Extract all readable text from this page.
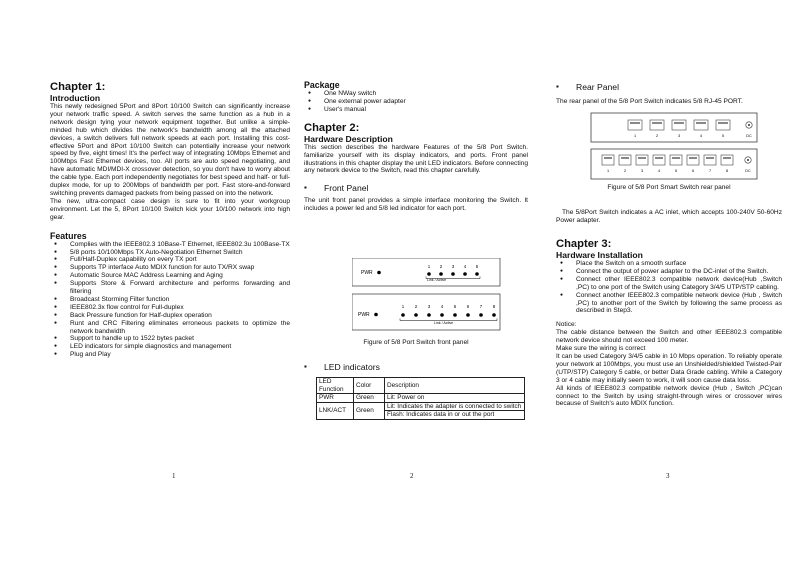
Chapter 1:
Introduction

This newly redesigned 5Port and 8Port 10/100 Switch can significantly increase your network traffic speed. A switch serves the same function as a hub in a network design tying your network equipment together. But unlike a simple-minded hub which divides the network's bandwidth among all the attached devices, a switch delivers full network speeds at each port. Installing this cost-effective 5Port and 8Port 10/100 Switch can potentially increase your network speed by five, eight times! It's the perfect way of integrating 10Mbps Ethernet and 100Mbps Fast Ethernet devices, too. All ports are auto speed negotiating, and have automatic MDI/MDI-X crossover detection, so you don't have to worry about the cable type. Each port independently negotiates for best speed and half- or full-duplex mode, for up to 200Mbps of bandwidth per port. Fast store-and-forward switching prevents damaged packets from being passed on into the network.

The new, ultra-compact case design is sure to fit into your workgroup environment. Let the 5, 8Port 10/100 Switch kick your 10/100 network into high gear.

Features
● Complies with the IEEE802.3 10Base-T Ethernet, IEEE802.3u 100Base-TX
● 5/8 ports 10/100Mbps TX Auto-Negotiation Ethernet Switch
● Full/Half-Duplex capability on every TX port
● Supports TP interface Auto MDIX function for auto TX/RX swap
● Automatic Source MAC Address Learning and Aging
● Supports Store & Forward architecture and performs forwarding and filtering
● Broadcast Storming Filter function
● IEEE802.3x flow control for Full-duplex
● Back Pressure function for Half-duplex operation
● Runt and CRC Filtering eliminates erroneous packets to optimize the network bandwidth
● Support to handle up to 1522 bytes packet
● LED indicators for simple diagnostics and management
● Plug and Play
1
Package
● One NWay switch
● One external power adapter
● User's manual
Chapter 2:
Hardware Description

This section describes the hardware Features of the 5/8 Port Switch. familiarize yourself with its display indicators, and ports. Front panel illustrations in this chapter display the unit LED indicators. Before connecting any network device to the Switch, read this chapter carefully.

▪ Front Panel

The unit front panel provides a simple interface monitoring the Switch. It includes a power led and 5/8 led indicator for each port.

PWR
1 2 3 4 5
Link / Active
PWR
1 2 3 4 5 6 7 8
Link / Active
Figure of 5/8 Port Switch front panel
▪ LED indicators
LED Function	Color	Description
PWR	Green	Lit: Power on
LNK/ACT	Green	Lit: Indicates the adapter is connected to switch
		Flash: Indicates data in or out the port
2
▪ Rear Panel

The rear panel of the 5/8 Port Switch indicates 5/8 RJ-45 PORT.

1	2	3	4	5	DC
1	2	3	4	5	6	7	8	DC
Figure of 5/8 Port Smart Switch rear panel

The 5/8Port Switch indicates a AC inlet, which accepts 100-240V 50-60Hz Power adapter.

Chapter 3:
Hardware Installation
● Place the Switch on a smooth surface
● Connect the output of power adapter to the DC-inlet of the Switch.
● Connect other IEEE802.3 compatible network device(Hub ,Switch ,PC) to one port of the Switch using Category 3/4/5 UTP/STP cabling.
● Connect another IEEE802.3 compatible network device (Hub , Switch ,PC) to another port of the Switch by following the same process as described in Step3.

Notice:

The cable distance between the Switch and other IEEE802.3 compatible network device should not exceed 100 meter.

Make sure the wiring is correct

It can be used Category 3/4/5 cable in 10 Mbps operation. To reliably operate your network at 100Mbps, you must use an Unshielded/shielded Twisted-Pair (UTP/STP) Category 5 cable, or better Data Grade cabling. While a Category 3 or 4 cable may initially seem to work, it will soon cause data loss.

All kinds of IEEE802.3 compatible network device (Hub , Switch ,PC)can connect to the Switch by using straight-through wires or crossover wires because of Switch's auto MDIX function.

3
